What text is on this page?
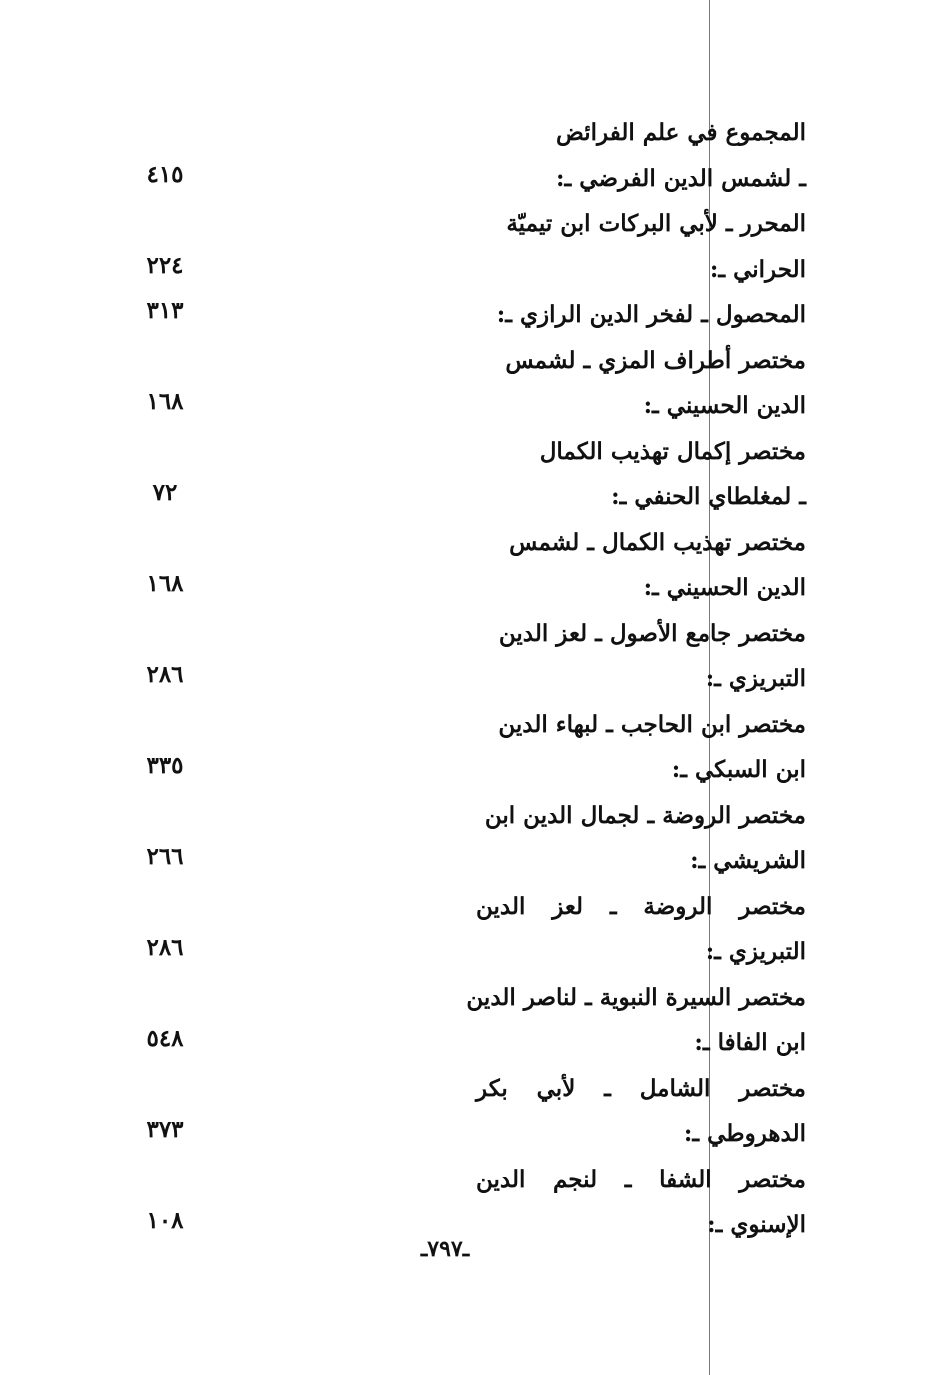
المجموع في علم الفرائض
ـ لشمس الدين الفرضي ـ:
٤١٥
المحرر ـ لأبي البركات ابن تيميّة
الحراني ـ:
٢٢٤
المحصول ـ لفخر الدين الرازي ـ:
٣١٣
مختصر أطراف المزي ـ لشمس
الدين الحسيني ـ:
١٦٨
مختصر إكمال تهذيب الكمال
ـ لمغلطاي الحنفي ـ:
٧٢
مختصر تهذيب الكمال ـ لشمس
الدين الحسيني ـ:
١٦٨
مختصر جامع الأصول ـ لعز الدين
التبريزي ـ:
٢٨٦
مختصر ابن الحاجب ـ لبهاء الدين
ابن السبكي ـ:
٣٣٥
مختصر الروضة ـ لجمال الدين ابن
الشريشي ـ:
٢٦٦
مختصر الروضة ـ لعز الدين
التبريزي ـ:
٢٨٦
مختصر السيرة النبوية ـ لناصر الدين
ابن الفافا ـ:
٥٤٨
مختصر الشامل ـ لأبي بكر
الدهروطي ـ:
٣٧٣
مختصر الشفا ـ لنجم الدين
الإسنوي ـ:
١٠٨
ـ٧٩٧ـ
